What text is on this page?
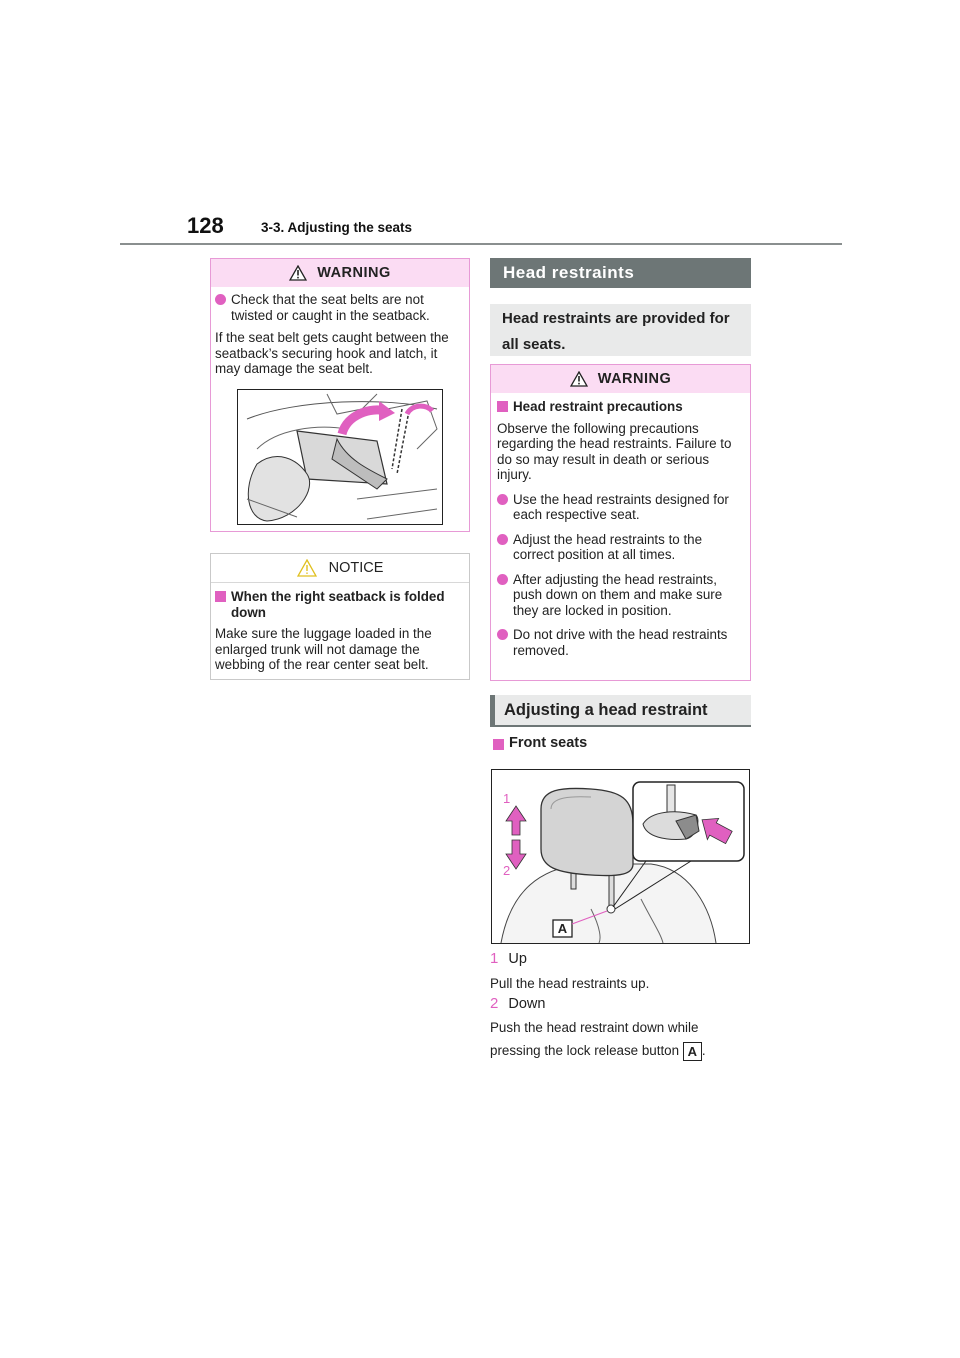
128	3-3. Adjusting the seats
WARNING
Check that the seat belts are not twisted or caught in the seatback.

If the seat belt gets caught between the seatback’s securing hook and latch, it may damage the seat belt.

NOTICE
When the right seatback is folded down

Make sure the luggage loaded in the enlarged trunk will not damage the webbing of the rear center seat belt.

Head restraints
Head restraints are provided for all seats.
WARNING
Head restraint precautions

Observe the following precautions regarding the head restraints. Failure to do so may result in death or serious injury.

Use the head restraints designed for each respective seat.
Adjust the head restraints to the correct position at all times.
After adjusting the head restraints, push down on them and make sure they are locked in position.
Do not drive with the head restraints removed.
Adjusting a head restraint
Front seats
1
2
A
1 Up
Pull the head restraints up.
2 Down
Push the head restraint down while
pressing the lock release button A .
